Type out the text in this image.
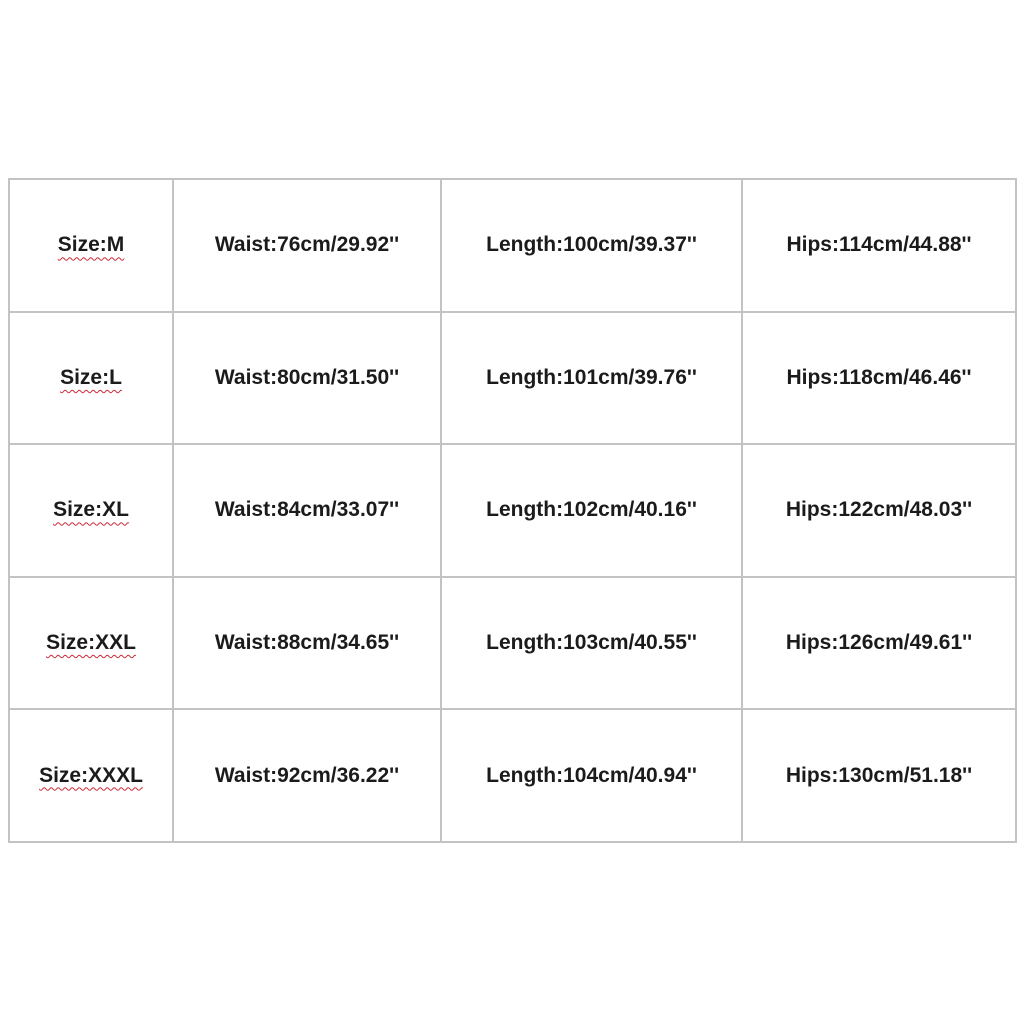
Size:M	Waist:76cm/29.92''	Length:100cm/39.37''	Hips:114cm/44.88''
Size:L	Waist:80cm/31.50''	Length:101cm/39.76''	Hips:118cm/46.46''
Size:XL	Waist:84cm/33.07''	Length:102cm/40.16''	Hips:122cm/48.03''
Size:XXL	Waist:88cm/34.65''	Length:103cm/40.55''	Hips:126cm/49.61''
Size:XXXL	Waist:92cm/36.22''	Length:104cm/40.94''	Hips:130cm/51.18''
